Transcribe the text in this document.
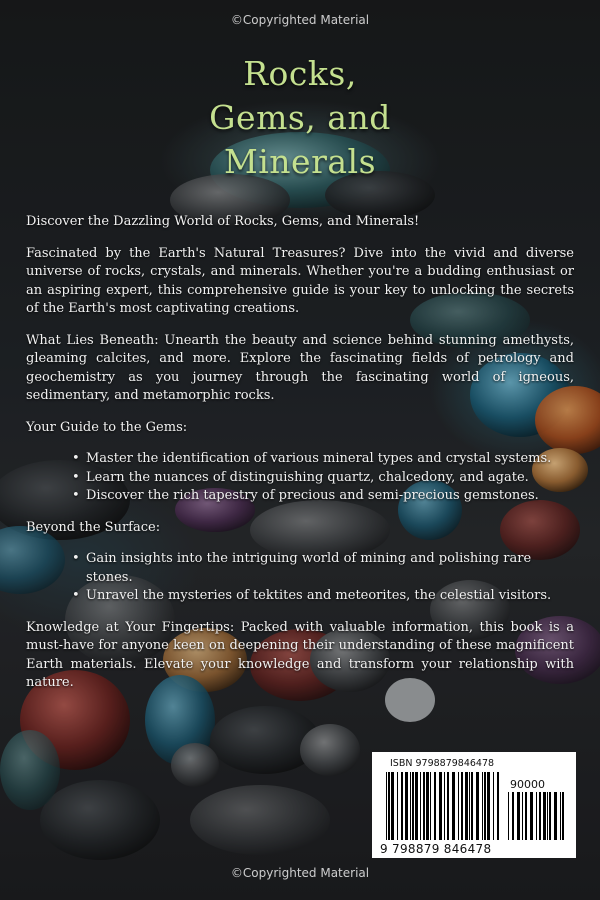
©Copyrighted Material
Rocks,
Gems, and
Minerals

Discover the Dazzling World of Rocks, Gems, and Minerals!

Fascinated by the Earth's Natural Treasures? Dive into the vivid and diverse universe of rocks, crystals, and minerals. Whether you're a budding enthusiast or an aspiring expert, this comprehensive guide is your key to unlocking the secrets of the Earth's most captivating creations.

What Lies Beneath: Unearth the beauty and science behind stunning amethysts, gleaming calcites, and more. Explore the fascinating fields of petrology and geochemistry as you journey through the fascinating world of igneous, sedimentary, and metamorphic rocks.

Your Guide to the Gems:

• Master the identification of various mineral types and crystal systems.
• Learn the nuances of distinguishing quartz, chalcedony, and agate.
• Discover the rich tapestry of precious and semi-precious gemstones.

Beyond the Surface:

• Gain insights into the intriguing world of mining and polishing rare stones.
• Unravel the mysteries of tektites and meteorites, the celestial visitors.

Knowledge at Your Fingertips: Packed with valuable information, this book is a must-have for anyone keen on deepening their understanding of these magnificent Earth materials. Elevate your knowledge and transform your relationship with nature.

ISBN 9798879846478
90000
9 798879 846478
©Copyrighted Material
